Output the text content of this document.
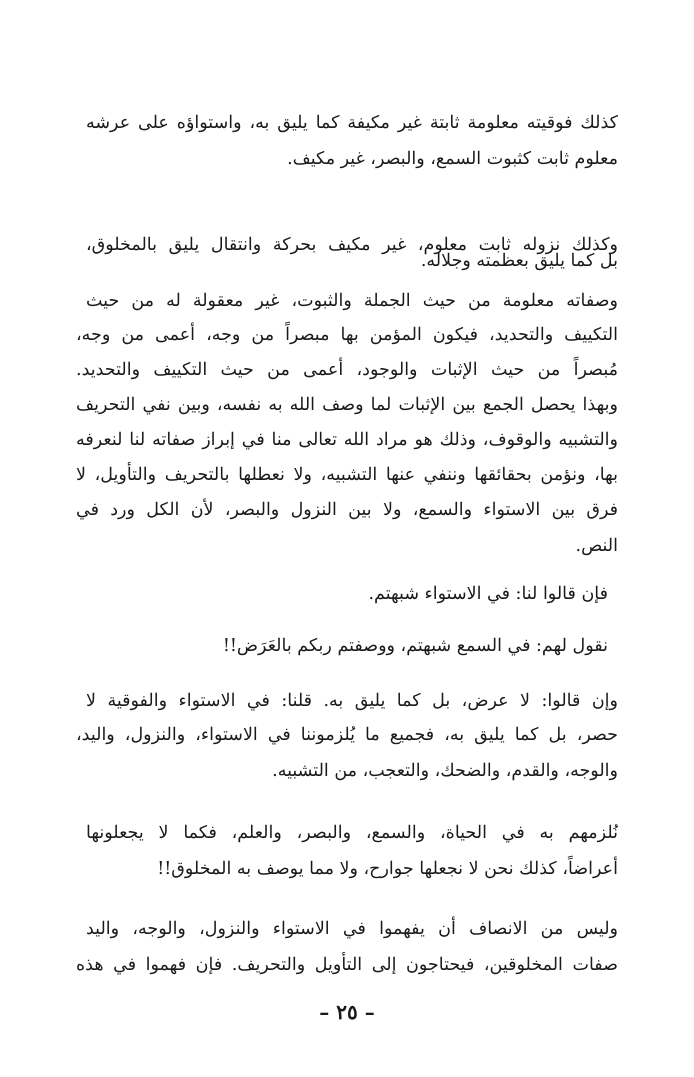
كذلك فوقيته معلومة ثابتة غير مكيفة كما يليق به، واستواؤه على عرشه
معلوم ثابت كثبوت السمع، والبصر، غير مكيف.
وكذلك نزوله ثابت معلوم، غير مكيف بحركة وانتقال يليق بالمخلوق،
بل كما يليق بعظمته وجلاله.
وصفاته معلومة من حيث الجملة والثبوت، غير معقولة له من حيث
التكييف والتحديد، فيكون المؤمن بها مبصراً من وجه، أعمى من وجه،
مُبصراً من حيث الإثبات والوجود، أعمى من حيث التكييف والتحديد.
وبهذا يحصل الجمع بين الإثبات لما وصف الله به نفسه، وبين نفي التحريف
والتشبيه والوقوف، وذلك هو مراد الله تعالى منا في إبراز صفاته لنا لنعرفه
بها، ونؤمن بحقائقها وننفي عنها التشبيه، ولا نعطلها بالتحريف والتأويل، لا
فرق بين الاستواء والسمع، ولا بين النزول والبصر، لأن الكل ورد في
النص.
فإن قالوا لنا: في الاستواء شبهتم.
نقول لهم: في السمع شبهتم، ووصفتم ربكم بالعَرَض!!
وإن قالوا: لا عرض، بل كما يليق به. قلنا: في الاستواء والفوقية لا
حصر، بل كما يليق به، فجميع ما يُلزموننا في الاستواء، والنزول، واليد،
والوجه، والقدم، والضحك، والتعجب، من التشبيه.
نُلزمهم به في الحياة، والسمع، والبصر، والعلم، فكما لا يجعلونها
أعراضاً، كذلك نحن لا نجعلها جوارح، ولا مما يوصف به المخلوق!!
وليس من الانصاف أن يفهموا في الاستواء والنزول، والوجه، واليد
صفات المخلوقين، فيحتاجون إلى التأويل والتحريف. فإن فهموا في هذه
– ٢٥ –
